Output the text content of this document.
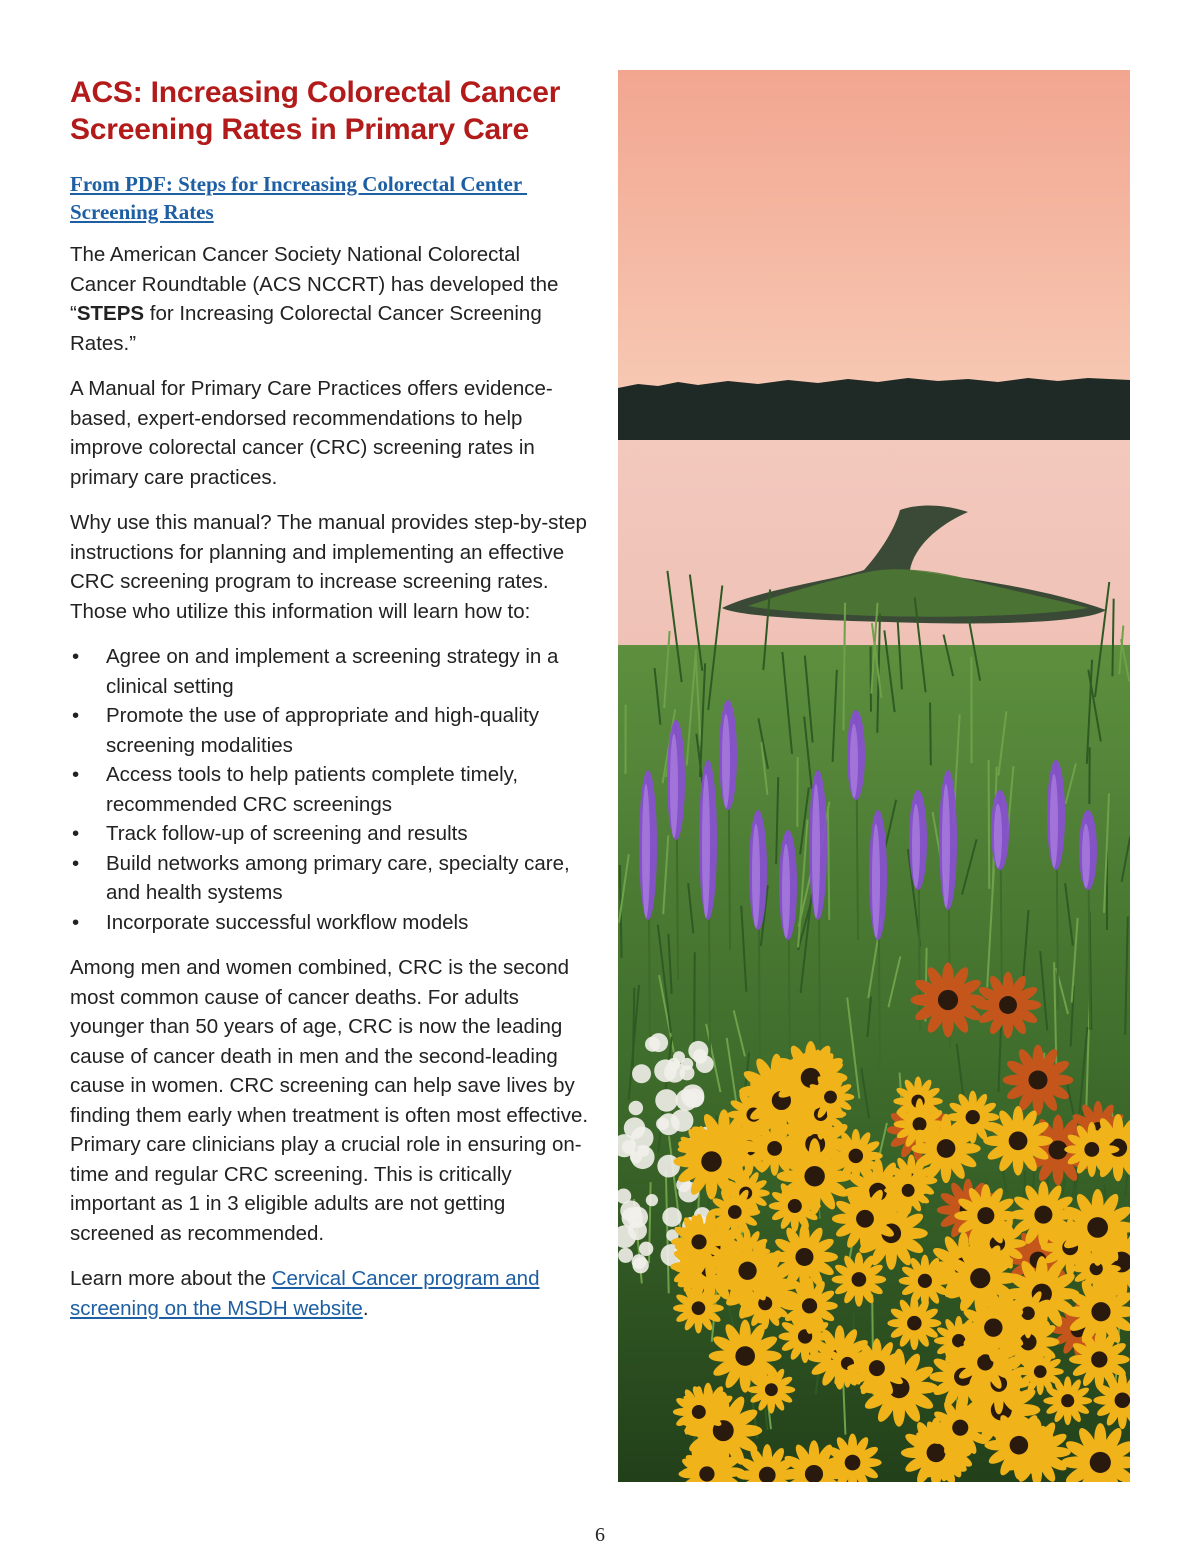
ACS: Increasing Colorectal Cancer
Screening Rates in Primary Care
From PDF: Steps for Increasing Colorectal Center
Screening Rates

The American Cancer Society National Colorectal Cancer Roundtable (ACS NCCRT) has developed the “STEPS for Increasing Colorectal Cancer Screening Rates.”

A Manual for Primary Care Practices offers evidence-based, expert-endorsed recommendations to help improve colorectal cancer (CRC) screening rates in primary care practices.

Why use this manual? The manual provides step-by-step instructions for planning and implementing an effective CRC screening program to increase screening rates. Those who utilize this information will learn how to:

• Agree on and implement a screening strategy in a clinical setting
• Promote the use of appropriate and high-quality screening modalities
• Access tools to help patients complete timely, recommended CRC screenings
• Track follow-up of screening and results
• Build networks among primary care, specialty care, and health systems
• Incorporate successful workflow models

Among men and women combined, CRC is the second most common cause of cancer deaths. For adults younger than 50 years of age, CRC is now the leading cause of cancer death in men and the second-leading cause in women. CRC screening can help save lives by finding them early when treatment is often most effective. Primary care clinicians play a crucial role in ensuring on-time and regular CRC screening. This is critically important as 1 in 3 eligible adults are not getting screened as recommended.

Learn more about the Cervical Cancer program and screening on the MSDH website.

6
